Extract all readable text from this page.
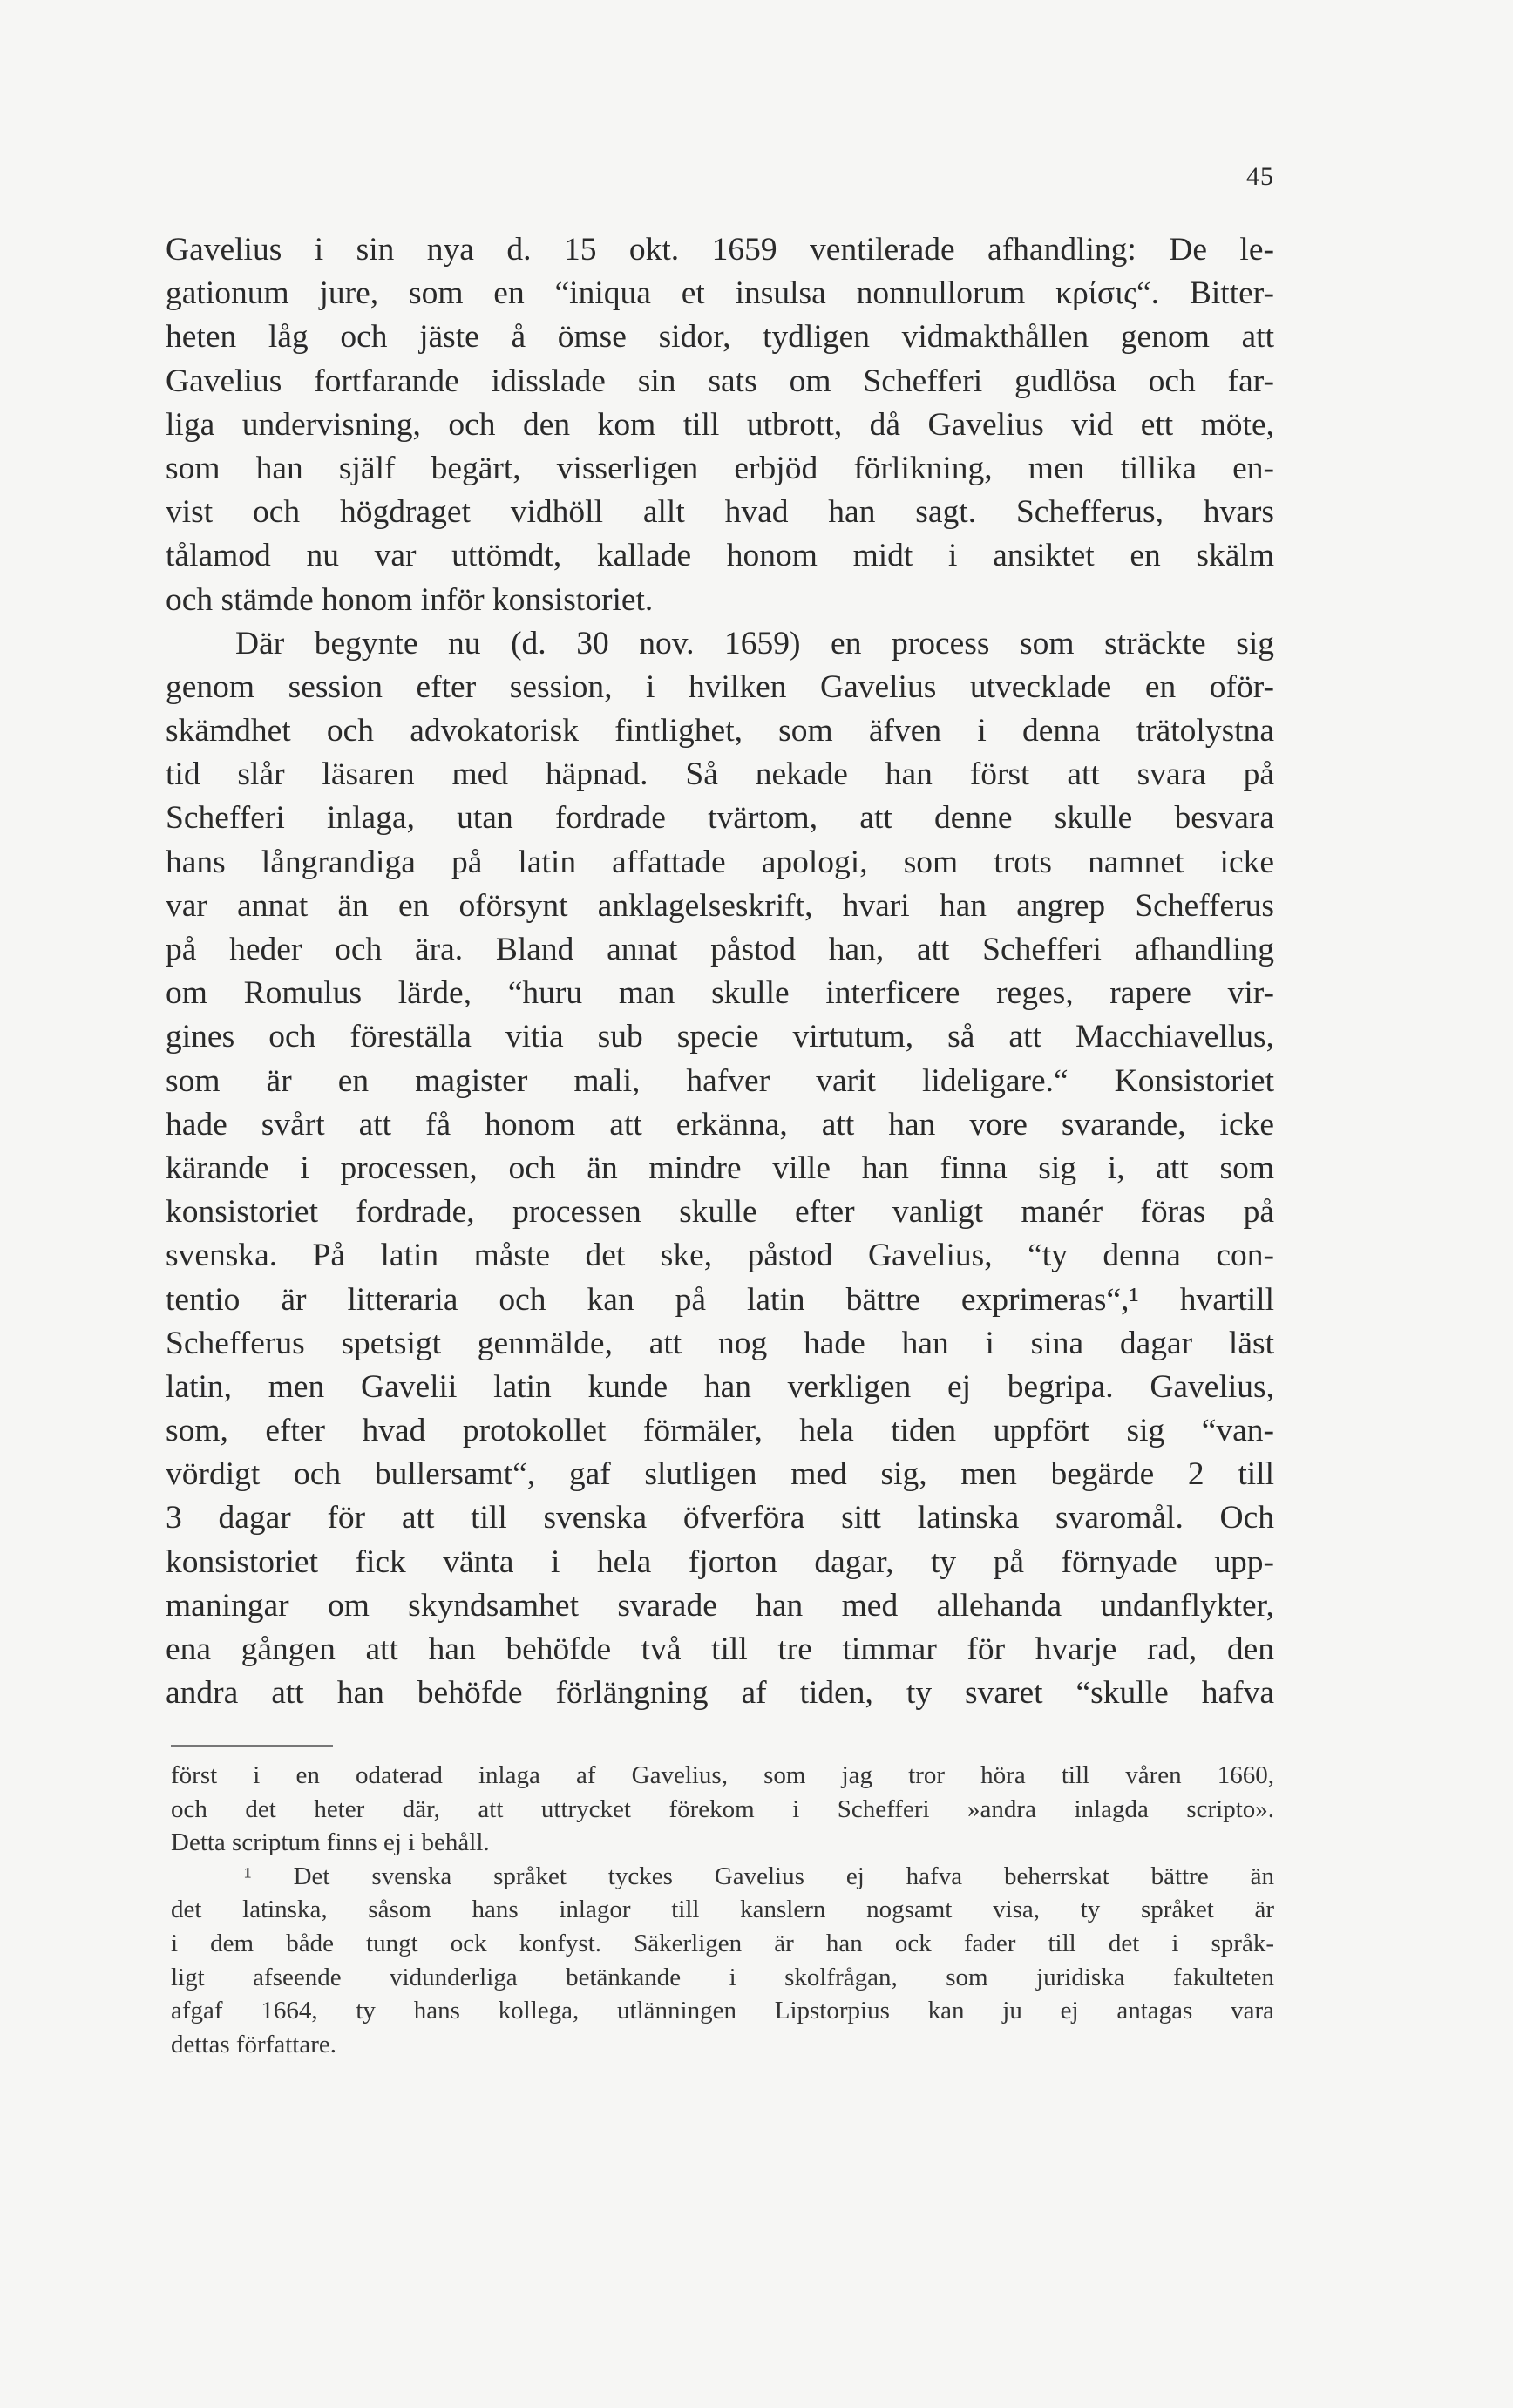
45
Gavelius i sin nya d. 15 okt. 1659 ventilerade afhandling: De le-
gationum jure, som en “iniqua et insulsa nonnullorum κρίσις“. Bitter-
heten låg och jäste å ömse sidor, tydligen vidmakthållen genom att
Gavelius fortfarande idisslade sin sats om Schefferi gudlösa och far-
liga undervisning, och den kom till utbrott, då Gavelius vid ett möte,
som han själf begärt, visserligen erbjöd förlikning, men tillika en-
vist och högdraget vidhöll allt hvad han sagt. Schefferus, hvars
tålamod nu var uttömdt, kallade honom midt i ansiktet en skälm
och stämde honom inför konsistoriet.
Där begynte nu (d. 30 nov. 1659) en process som sträckte sig
genom session efter session, i hvilken Gavelius utvecklade en oför-
skämdhet och advokatorisk fintlighet, som äfven i denna trätolystna
tid slår läsaren med häpnad. Så nekade han först att svara på
Schefferi inlaga, utan fordrade tvärtom, att denne skulle besvara
hans långrandiga på latin affattade apologi, som trots namnet icke
var annat än en oförsynt anklagelseskrift, hvari han angrep Schefferus
på heder och ära. Bland annat påstod han, att Schefferi afhandling
om Romulus lärde, “huru man skulle interficere reges, rapere vir-
gines och föreställa vitia sub specie virtutum, så att Macchiavellus,
som är en magister mali, hafver varit lideligare.“ Konsistoriet
hade svårt att få honom att erkänna, att han vore svarande, icke
kärande i processen, och än mindre ville han finna sig i, att som
konsistoriet fordrade, processen skulle efter vanligt manér föras på
svenska. På latin måste det ske, påstod Gavelius, “ty denna con-
tentio är litteraria och kan på latin bättre exprimeras“,¹ hvartill
Schefferus spetsigt genmälde, att nog hade han i sina dagar läst
latin, men Gavelii latin kunde han verkligen ej begripa. Gavelius,
som, efter hvad protokollet förmäler, hela tiden uppfört sig “van-
vördigt och bullersamt“, gaf slutligen med sig, men begärde 2 till
3 dagar för att till svenska öfverföra sitt latinska svaromål. Och
konsistoriet fick vänta i hela fjorton dagar, ty på förnyade upp-
maningar om skyndsamhet svarade han med allehanda undanflykter,
ena gången att han behöfde två till tre timmar för hvarje rad, den
andra att han behöfde förlängning af tiden, ty svaret “skulle hafva
först i en odaterad inlaga af Gavelius, som jag tror höra till våren 1660,
och det heter där, att uttrycket förekom i Schefferi »andra inlagda scripto».
Detta scriptum finns ej i behåll.
¹ Det svenska språket tyckes Gavelius ej hafva beherrskat bättre än
det latinska, såsom hans inlagor till kanslern nogsamt visa, ty språket är
i dem både tungt ock konfyst. Säkerligen är han ock fader till det i språk-
ligt afseende vidunderliga betänkande i skolfrågan, som juridiska fakulteten
afgaf 1664, ty hans kollega, utlänningen Lipstorpius kan ju ej antagas vara
dettas författare.
